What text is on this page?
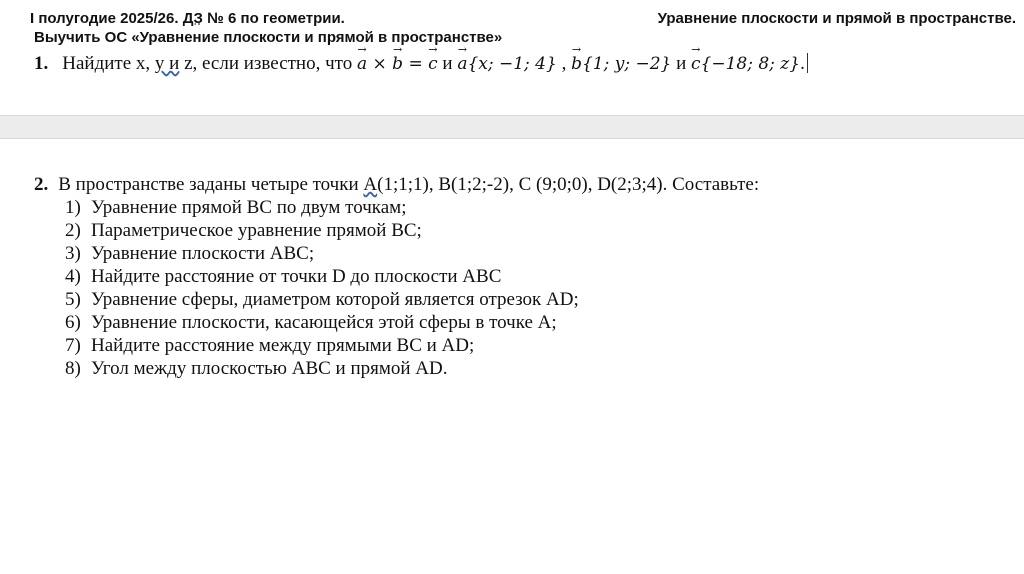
I полугодие 2025/26. ДЗ № 6 по геометрии.
Выучить ОС «Уравнение плоскости и прямой в пространстве»
Уравнение плоскости и прямой в пространстве.
1. Найдите х, у и z, если известно, что → a × → b = → c и → a{x; −1; 4} , → b{1; y; −2} и → c{−18; 8; z}.
2. В пространстве заданы четыре точки А(1;1;1), В(1;2;-2), С (9;0;0), D(2;3;4). Составьте:
1) Уравнение прямой ВС по двум точкам;
2) Параметрическое уравнение прямой ВС;
3) Уравнение плоскости АВС;
4) Найдите расстояние от точки D до плоскости АВС
5) Уравнение сферы, диаметром которой является отрезок АD;
6) Уравнение плоскости, касающейся этой сферы в точке А;
7) Найдите расстояние между прямыми ВС и АD;
8) Угол между плоскостью АВС и прямой АD.
